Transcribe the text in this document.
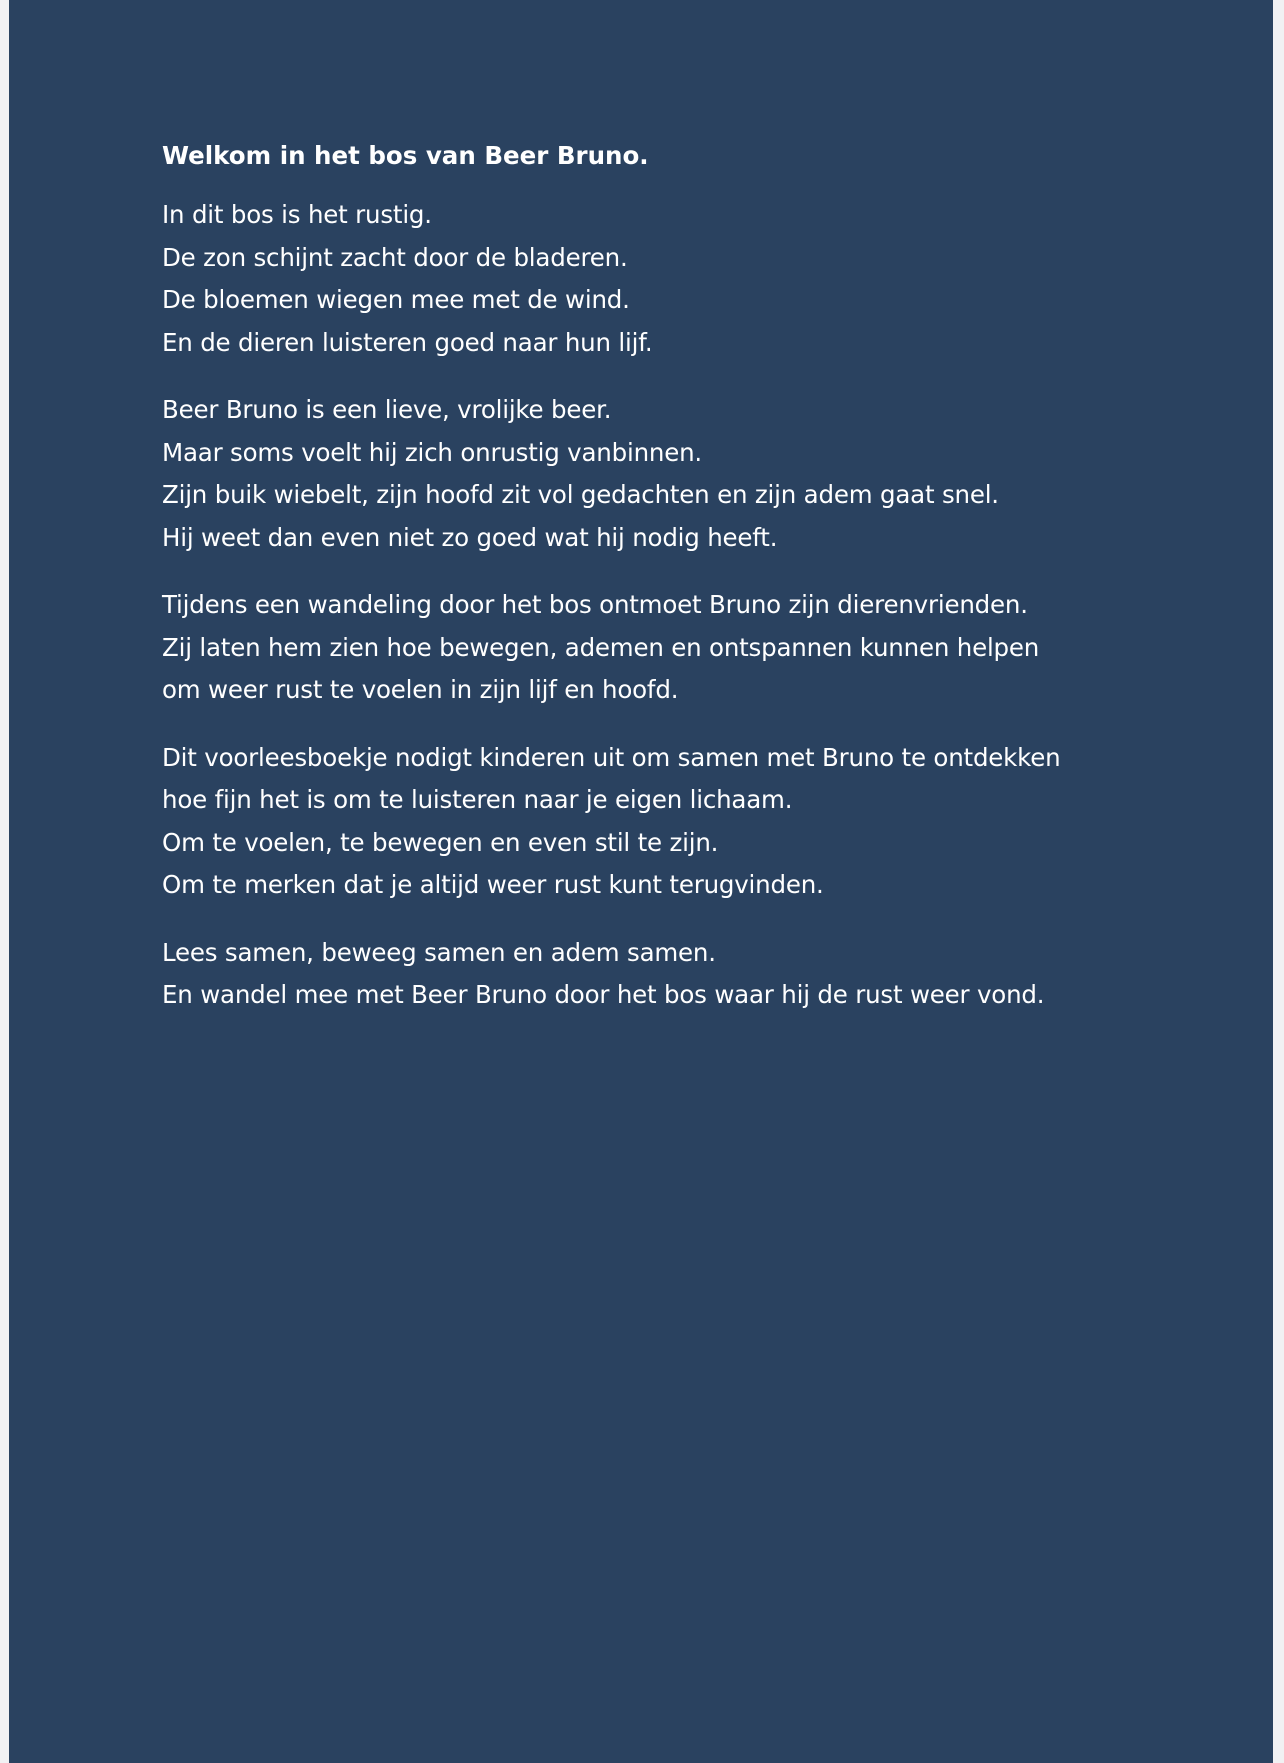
Welkom in het bos van Beer Bruno.
In dit bos is het rustig.
De zon schijnt zacht door de bladeren.
De bloemen wiegen mee met de wind.
En de dieren luisteren goed naar hun lijf.
Beer Bruno is een lieve, vrolijke beer.
Maar soms voelt hij zich onrustig vanbinnen.
Zijn buik wiebelt, zijn hoofd zit vol gedachten en zijn adem gaat snel.
Hij weet dan even niet zo goed wat hij nodig heeft.
Tijdens een wandeling door het bos ontmoet Bruno zijn dierenvrienden.
Zij laten hem zien hoe bewegen, ademen en ontspannen kunnen helpen
om weer rust te voelen in zijn lijf en hoofd.
Dit voorleesboekje nodigt kinderen uit om samen met Bruno te ontdekken
hoe fijn het is om te luisteren naar je eigen lichaam.
Om te voelen, te bewegen en even stil te zijn.
Om te merken dat je altijd weer rust kunt terugvinden.
Lees samen, beweeg samen en adem samen.
En wandel mee met Beer Bruno door het bos waar hij de rust weer vond.
